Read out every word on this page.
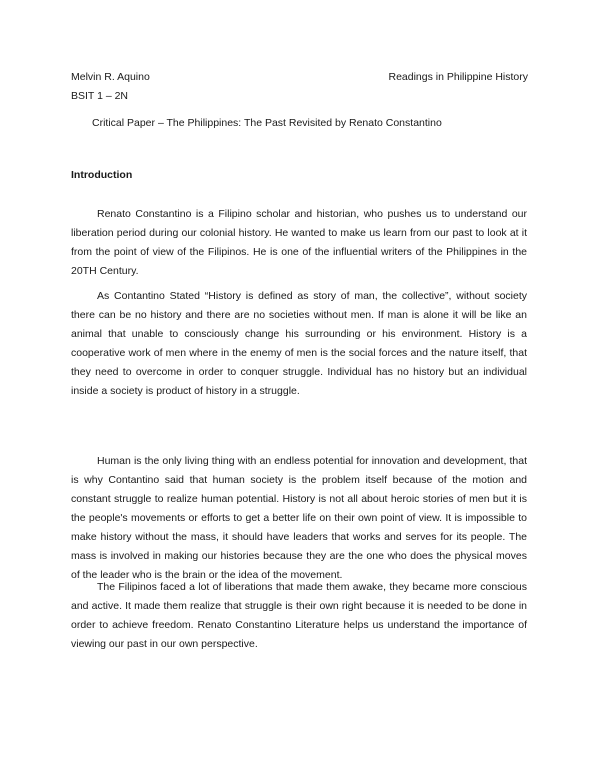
Melvin R. Aquino	Readings in Philippine History
BSIT 1 – 2N
Critical Paper – The Philippines: The Past Revisited by Renato Constantino
Introduction

Renato Constantino is a Filipino scholar and historian, who pushes us to understand our liberation period during our colonial history. He wanted to make us learn from our past to look at it from the point of view of the Filipinos. He is one of the influential writers of the Philippines in the 20TH Century.

As Contantino Stated “History is defined as story of man, the collective”, without society there can be no history and there are no societies without men. If man is alone it will be like an animal that unable to consciously change his surrounding or his environment. History is a cooperative work of men where in the enemy of men is the social forces and the nature itself, that they need to overcome in order to conquer struggle. Individual has no history but an individual inside a society is product of history in a struggle.

Human is the only living thing with an endless potential for innovation and development, that is why Contantino said that human society is the problem itself because of the motion and constant struggle to realize human potential. History is not all about heroic stories of men but it is the people's movements or efforts to get a better life on their own point of view. It is impossible to make history without the mass, it should have leaders that works and serves for its people. The mass is involved in making our histories because they are the one who does the physical moves of the leader who is the brain or the idea of the movement.

The Filipinos faced a lot of liberations that made them awake, they became more conscious and active. It made them realize that struggle is their own right because it is needed to be done in order to achieve freedom. Renato Constantino Literature helps us understand the importance of viewing our past in our own perspective.
